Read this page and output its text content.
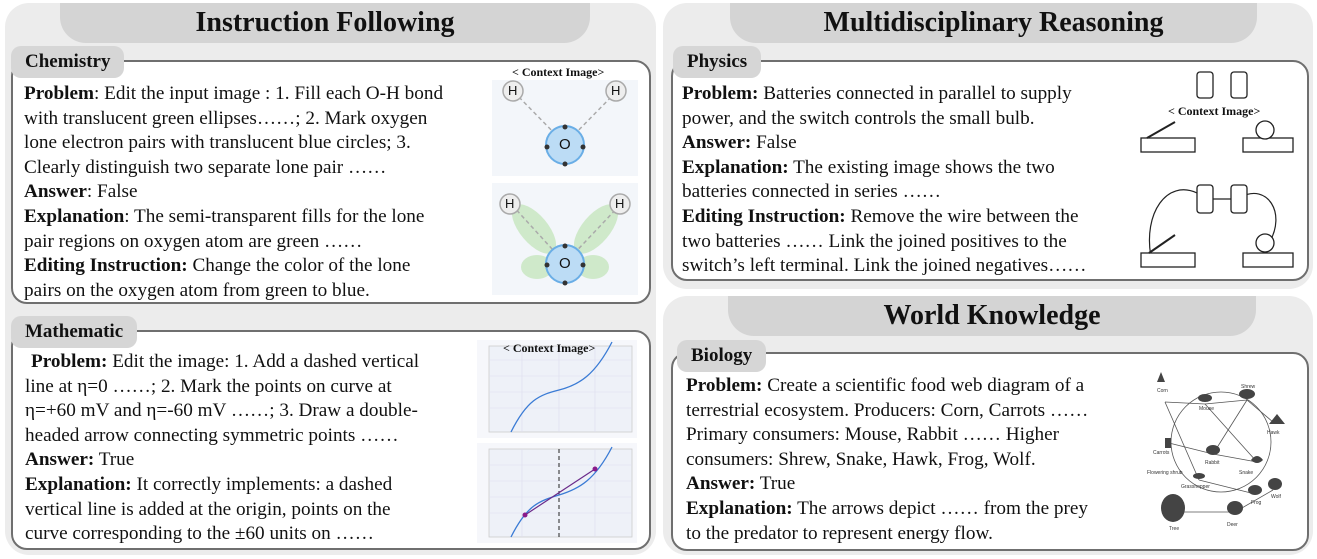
Instruction Following
Chemistry	< Context Image>
H	H
O
H	H
O
Problem: Edit the input image : 1. Fill each O-H bond
with translucent green ellipses……; 2. Mark oxygen
lone electron pairs with translucent blue circles; 3.
Clearly distinguish two separate lone pair ……
Answer: False
Explanation: The semi-transparent fills for the lone
pair regions on oxygen atom are green ……
Editing Instruction: Change the color of the lone
pairs on the oxygen atom from green to blue.
Mathematic
< Context Image>
Problem: Edit the image: 1. Add a dashed vertical
line at η=0 ……; 2. Mark the points on curve at
η=+60 mV and η=-60 mV ……; 3. Draw a double-
headed arrow connecting symmetric points ……
Answer: True
Explanation: It correctly implements: a dashed
vertical line is added at the origin, points on the
curve corresponding to the ±60 units on ……
Multidisciplinary Reasoning
Physics
< Context Image>
Problem: Batteries connected in parallel to supply
power, and the switch controls the small bulb.
Answer: False
Explanation: The existing image shows the two
batteries connected in series ……
Editing Instruction: Remove the wire between the
two batteries …… Link the joined positives to the
switch’s left terminal. Link the joined negatives……
World Knowledge
Biology
Corn
Mouse
Shrew
Hawk
Carrots
Snake
Rabbit
Grasshopper
Flowering shrub
Frog
Wolf
Tree
Deer
Problem: Create a scientific food web diagram of a
terrestrial ecosystem. Producers: Corn, Carrots ……
Primary consumers: Mouse, Rabbit …… Higher
consumers: Shrew, Snake, Hawk, Frog, Wolf.
Answer: True
Explanation: The arrows depict …… from the prey
to the predator to represent energy flow.
